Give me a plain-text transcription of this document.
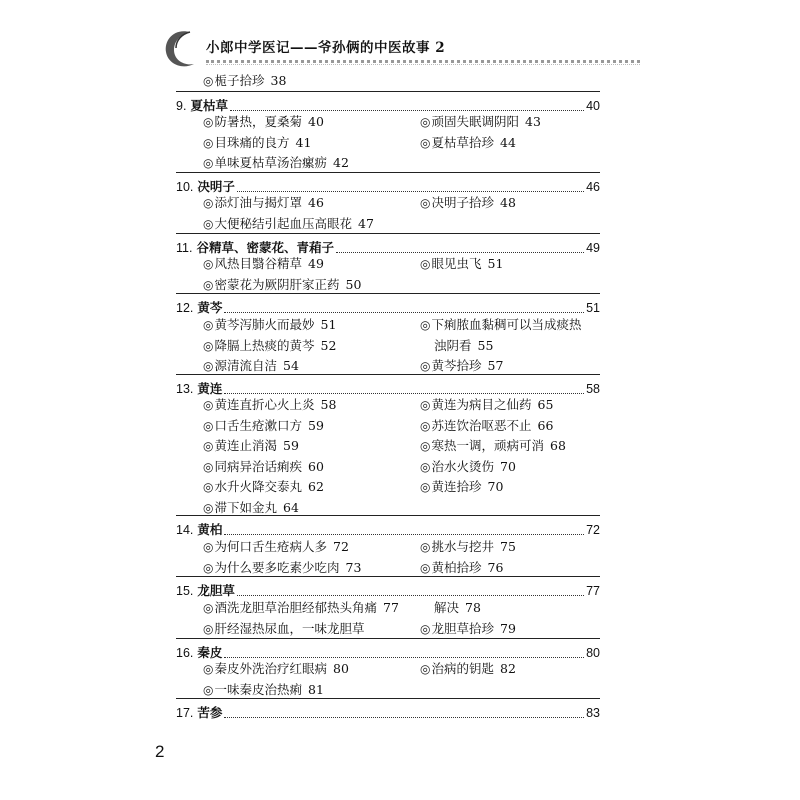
小郎中学医记——爷孙俩的中医故事 2
◎ 栀子拾珍 38
9. 夏枯草	40
◎ 防暑热，夏桑菊 40	◎ 顽固失眠调阴阳 43
◎ 目珠痛的良方 41	◎ 夏枯草拾珍 44
◎ 单味夏枯草汤治瘰疬 42
10. 决明子	46
◎ 添灯油与揭灯罩 46	◎ 决明子拾珍 48
◎ 大便秘结引起血压高眼花 47
11. 谷精草、密蒙花、青葙子	49
◎ 风热目翳谷精草 49	◎ 眼见虫飞 51
◎ 密蒙花为厥阴肝家正药 50
12. 黄芩	51
◎ 黄芩泻肺火而最妙 51	◎ 下痢脓血黏稠可以当成痰热
◎ 降膈上热痰的黄芩 52	浊阴看 55
◎ 源清流自洁 54	◎ 黄芩拾珍 57
13. 黄连	58
◎ 黄连直折心火上炎 58	◎ 黄连为病目之仙药 65
◎ 口舌生疮漱口方 59	◎ 苏连饮治呕恶不止 66
◎ 黄连止消渴 59	◎ 寒热一调，顽病可消 68
◎ 同病异治话痢疾 60	◎ 治水火烫伤 70
◎ 水升火降交泰丸 62	◎ 黄连拾珍 70
◎ 滞下如金丸 64
14. 黄柏	72
◎ 为何口舌生疮病人多 72	◎ 挑水与挖井 75
◎ 为什么要多吃素少吃肉 73	◎ 黄柏拾珍 76
15. 龙胆草	77
◎ 酒洗龙胆草治胆经郁热头角痛 77	解决 78
◎ 肝经湿热尿血，一味龙胆草	◎ 龙胆草拾珍 79
16. 秦皮	80
◎ 秦皮外洗治疗红眼病 80	◎ 治病的钥匙 82
◎ 一味秦皮治热痢 81
17. 苦参	83
2
